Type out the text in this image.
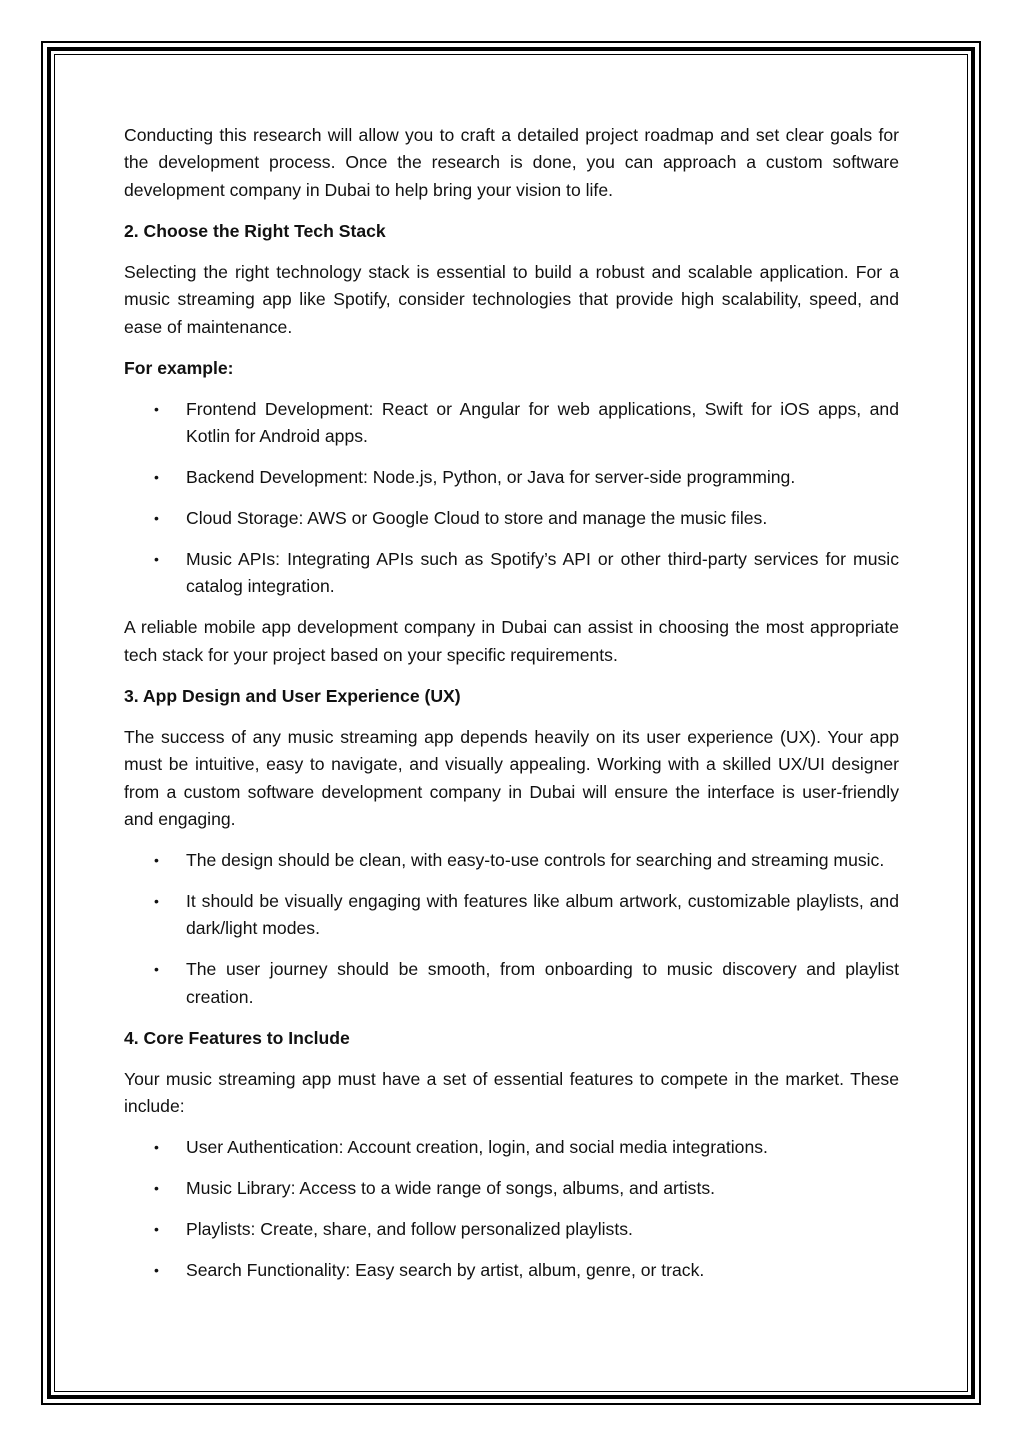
Conducting this research will allow you to craft a detailed project roadmap and set clear goals for the development process. Once the research is done, you can approach a custom software development company in Dubai to help bring your vision to life.

2. Choose the Right Tech Stack

Selecting the right technology stack is essential to build a robust and scalable application. For a music streaming app like Spotify, consider technologies that provide high scalability, speed, and ease of maintenance.

For example:
• Frontend Development: React or Angular for web applications, Swift for iOS apps, and Kotlin for Android apps.
• Backend Development: Node.js, Python, or Java for server-side programming.
• Cloud Storage: AWS or Google Cloud to store and manage the music files.
• Music APIs: Integrating APIs such as Spotify’s API or other third-party services for music catalog integration.

A reliable mobile app development company in Dubai can assist in choosing the most appropriate tech stack for your project based on your specific requirements.

3. App Design and User Experience (UX)

The success of any music streaming app depends heavily on its user experience (UX). Your app must be intuitive, easy to navigate, and visually appealing. Working with a skilled UX/UI designer from a custom software development company in Dubai will ensure the interface is user-friendly and engaging.

• The design should be clean, with easy-to-use controls for searching and streaming music.
• It should be visually engaging with features like album artwork, customizable playlists, and dark/light modes.
• The user journey should be smooth, from onboarding to music discovery and playlist creation.
4. Core Features to Include

Your music streaming app must have a set of essential features to compete in the market. These include:

• User Authentication: Account creation, login, and social media integrations.
• Music Library: Access to a wide range of songs, albums, and artists.
• Playlists: Create, share, and follow personalized playlists.
• Search Functionality: Easy search by artist, album, genre, or track.
